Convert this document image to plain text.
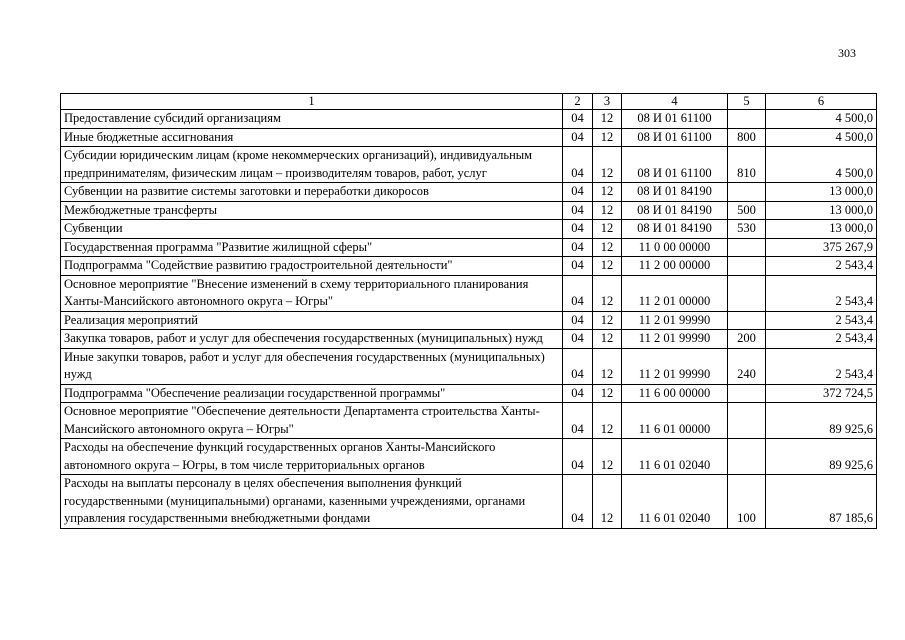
303
1	2	3	4	5	6
Предоставление субсидий организациям	04	12	08 И 01 61100		4 500,0
Иные бюджетные ассигнования	04	12	08 И 01 61100	800	4 500,0
Субсидии юридическим лицам (кроме некоммерческих организаций), индивидуальным предпринимателям, физическим лицам – производителям товаров, работ, услуг	04	12	08 И 01 61100	810	4 500,0
Субвенции на развитие системы заготовки и переработки дикоросов	04	12	08 И 01 84190		13 000,0
Межбюджетные трансферты	04	12	08 И 01 84190	500	13 000,0
Субвенции	04	12	08 И 01 84190	530	13 000,0
Государственная программа "Развитие жилищной сферы"	04	12	11 0 00 00000		375 267,9
Подпрограмма "Содействие развитию градостроительной деятельности"	04	12	11 2 00 00000		2 543,4
Основное мероприятие "Внесение изменений в схему территориального планирования Ханты-Мансийского автономного округа – Югры"	04	12	11 2 01 00000		2 543,4
Реализация мероприятий	04	12	11 2 01 99990		2 543,4
Закупка товаров, работ и услуг для обеспечения государственных (муниципальных) нужд	04	12	11 2 01 99990	200	2 543,4
Иные закупки товаров, работ и услуг для обеспечения государственных (муниципальных) нужд	04	12	11 2 01 99990	240	2 543,4
Подпрограмма "Обеспечение реализации государственной программы"	04	12	11 6 00 00000		372 724,5
Основное мероприятие "Обеспечение деятельности Департамента строительства Ханты-Мансийского автономного округа – Югры"	04	12	11 6 01 00000		89 925,6
Расходы на обеспечение функций государственных органов Ханты-Мансийского автономного округа – Югры, в том числе территориальных органов	04	12	11 6 01 02040		89 925,6
Расходы на выплаты персоналу в целях обеспечения выполнения функций государственными (муниципальными) органами, казенными учреждениями, органами управления государственными внебюджетными фондами	04	12	11 6 01 02040	100	87 185,6
